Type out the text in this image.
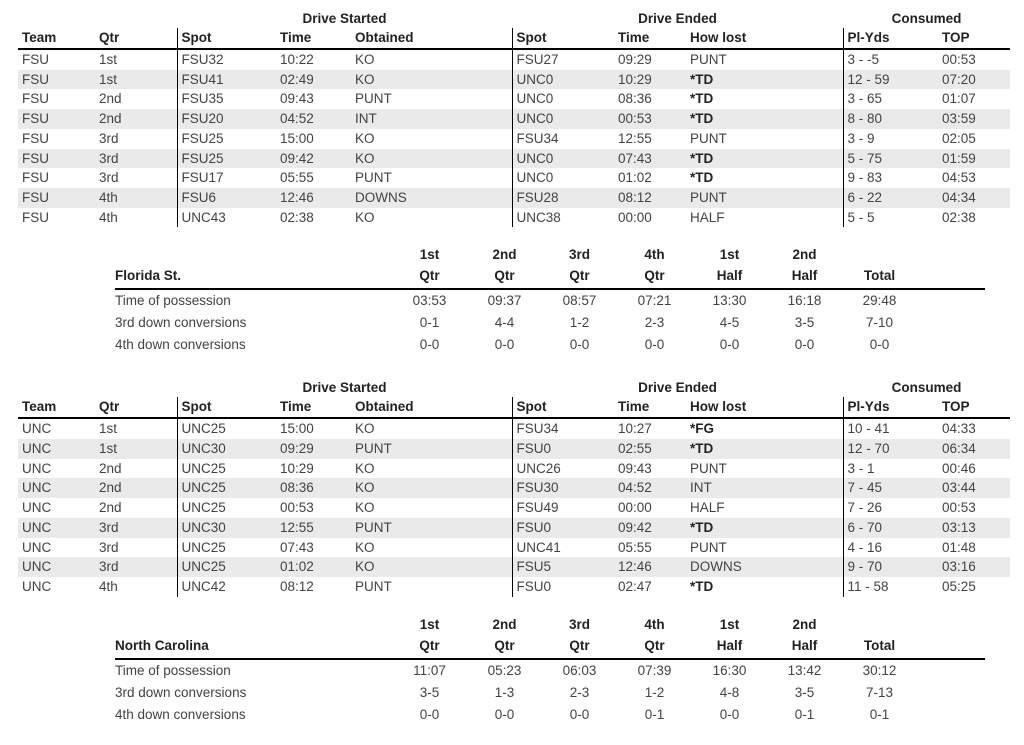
		Drive Started			Drive Ended			Consumed	
Team	Qtr	Spot	Time	Obtained	Spot	Time	How lost	Pl-Yds	TOP
FSU	1st	FSU32	10:22	KO	FSU27	09:29	PUNT	3 - -5	00:53
FSU	1st	FSU41	02:49	KO	UNC0	10:29	*TD	12 - 59	07:20
FSU	2nd	FSU35	09:43	PUNT	UNC0	08:36	*TD	3 - 65	01:07
FSU	2nd	FSU20	04:52	INT	UNC0	00:53	*TD	8 - 80	03:59
FSU	3rd	FSU25	15:00	KO	FSU34	12:55	PUNT	3 - 9	02:05
FSU	3rd	FSU25	09:42	KO	UNC0	07:43	*TD	5 - 75	01:59
FSU	3rd	FSU17	05:55	PUNT	UNC0	01:02	*TD	9 - 83	04:53
FSU	4th	FSU6	12:46	DOWNS	FSU28	08:12	PUNT	6 - 22	04:34
FSU	4th	UNC43	02:38	KO	UNC38	00:00	HALF	5 - 5	02:38
	1st	2nd	3rd	4th	1st	2nd		
Florida St.	Qtr	Qtr	Qtr	Qtr	Half	Half	Total	
Time of possession	03:53	09:37	08:57	07:21	13:30	16:18	29:48	
3rd down conversions	0-1	4-4	1-2	2-3	4-5	3-5	7-10	
4th down conversions	0-0	0-0	0-0	0-0	0-0	0-0	0-0	
		Drive Started			Drive Ended			Consumed	
Team	Qtr	Spot	Time	Obtained	Spot	Time	How lost	Pl-Yds	TOP
UNC	1st	UNC25	15:00	KO	FSU34	10:27	*FG	10 - 41	04:33
UNC	1st	UNC30	09:29	PUNT	FSU0	02:55	*TD	12 - 70	06:34
UNC	2nd	UNC25	10:29	KO	UNC26	09:43	PUNT	3 - 1	00:46
UNC	2nd	UNC25	08:36	KO	FSU30	04:52	INT	7 - 45	03:44
UNC	2nd	UNC25	00:53	KO	FSU49	00:00	HALF	7 - 26	00:53
UNC	3rd	UNC30	12:55	PUNT	FSU0	09:42	*TD	6 - 70	03:13
UNC	3rd	UNC25	07:43	KO	UNC41	05:55	PUNT	4 - 16	01:48
UNC	3rd	UNC25	01:02	KO	FSU5	12:46	DOWNS	9 - 70	03:16
UNC	4th	UNC42	08:12	PUNT	FSU0	02:47	*TD	11 - 58	05:25
	1st	2nd	3rd	4th	1st	2nd		
North Carolina	Qtr	Qtr	Qtr	Qtr	Half	Half	Total	
Time of possession	11:07	05:23	06:03	07:39	16:30	13:42	30:12	
3rd down conversions	3-5	1-3	2-3	1-2	4-8	3-5	7-13	
4th down conversions	0-0	0-0	0-0	0-1	0-0	0-1	0-1	
